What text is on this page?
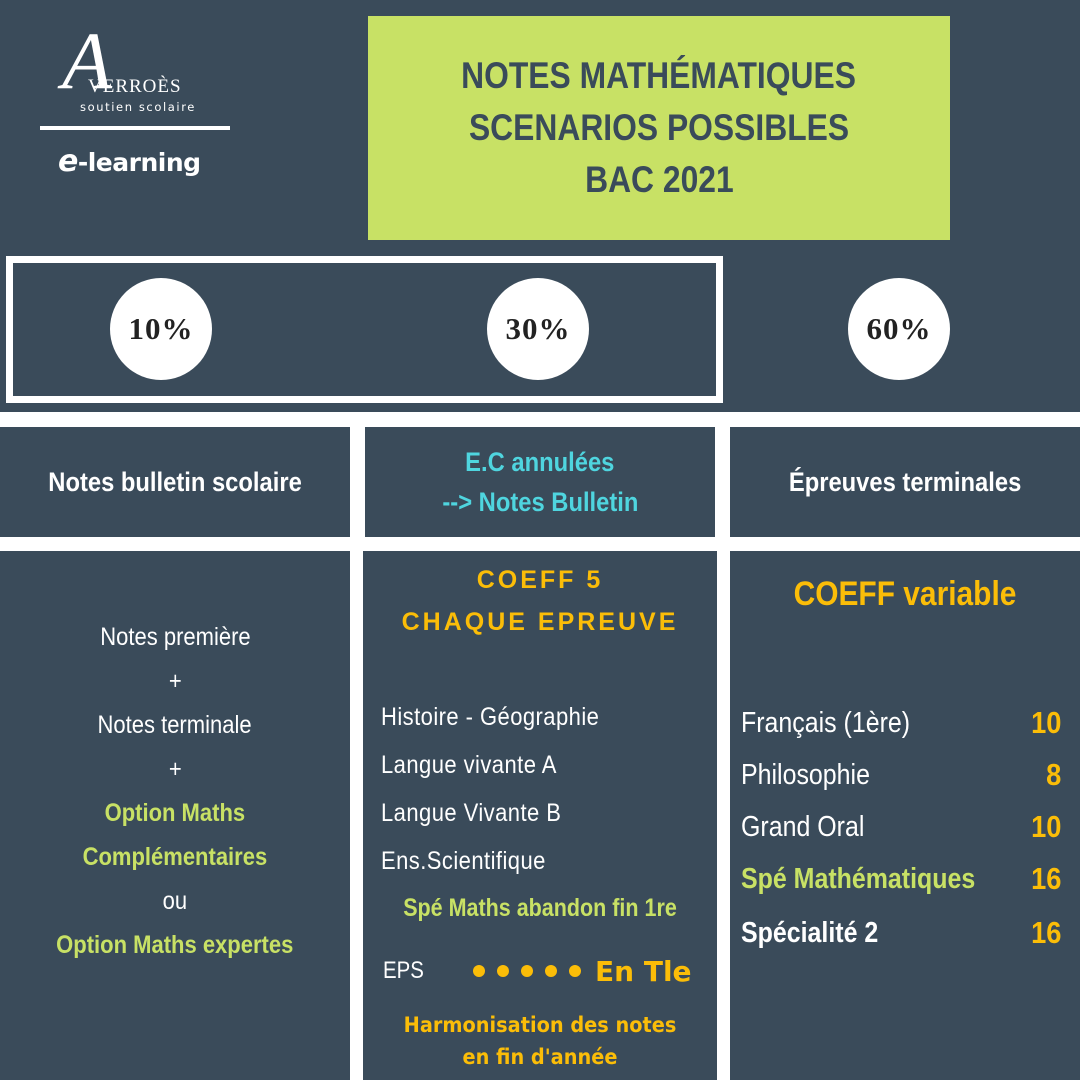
A
VERROÈS
soutien scolaire
e-learning
NOTES MATHÉMATIQUES
SCENARIOS POSSIBLES
BAC 2021
10%	30%	60%
Notes bulletin scolaire
E.C annulées
--> Notes Bulletin
Épreuves terminales
Notes première
+
Notes terminale
+
Option Maths
Complémentaires
ou
Option Maths expertes
COEFF 5
CHAQUE EPREUVE
Histoire - Géographie
Langue vivante A
Langue Vivante B
Ens.Scientifique
Spé Maths abandon fin 1re
EPS	En Tle
Harmonisation des notes
en fin d'année
COEFF variable
Français (1ère)	10
Philosophie	8
Grand Oral	10
Spé Mathématiques 16
Spécialité 2	16
